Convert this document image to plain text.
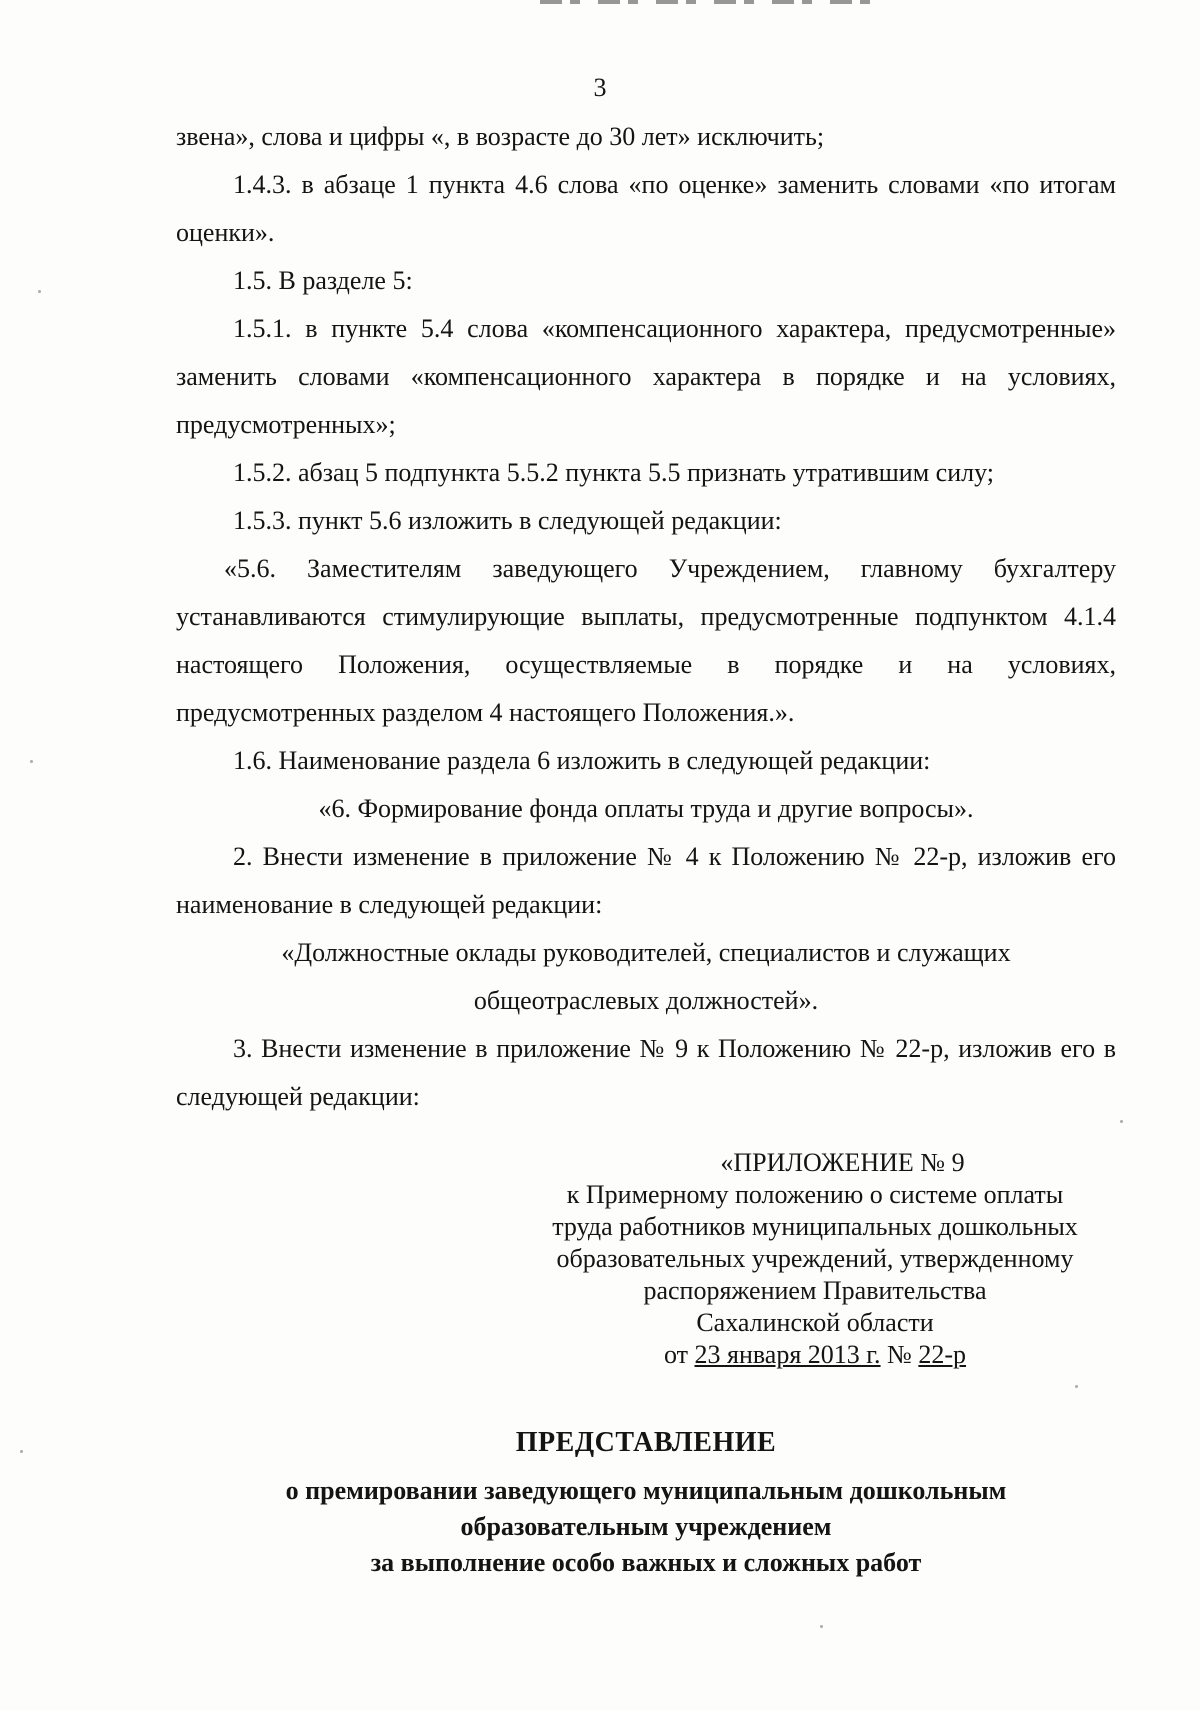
3

звена», слова и цифры «, в возрасте до 30 лет» исключить;

1.4.3. в абзаце 1 пункта 4.6 слова «по оценке» заменить словами «по итогам оценки».

1.5. В разделе 5:

1.5.1. в пункте 5.4 слова «компенсационного характера, предусмотренные» заменить словами «компенсационного характера в порядке и на условиях, предусмотренных»;

1.5.2. абзац 5 подпункта 5.5.2 пункта 5.5 признать утратившим силу;

1.5.3. пункт 5.6 изложить в следующей редакции:

«5.6. Заместителям заведующего Учреждением, главному бухгалтеру устанавливаются стимулирующие выплаты, предусмотренные подпунктом 4.1.4 настоящего Положения, осуществляемые в порядке и на условиях, предусмотренных разделом 4 настоящего Положения.».

1.6. Наименование раздела 6 изложить в следующей редакции:

«6. Формирование фонда оплаты труда и другие вопросы».

2. Внести изменение в приложение № 4 к Положению № 22-р, изложив его наименование в следующей редакции:

«Должностные оклады руководителей, специалистов и служащих

общеотраслевых должностей».

3. Внести изменение в приложение № 9 к Положению № 22-р, изложив его в следующей редакции:

«ПРИЛОЖЕНИЕ № 9
к Примерному положению о системе оплаты
труда работников муниципальных дошкольных
образовательных учреждений, утвержденному
распоряжением Правительства
Сахалинской области
от 23 января 2013 г. № 22-р
ПРЕДСТАВЛЕНИЕ
о премировании заведующего муниципальным дошкольным
образовательным учреждением
за выполнение особо важных и сложных работ
